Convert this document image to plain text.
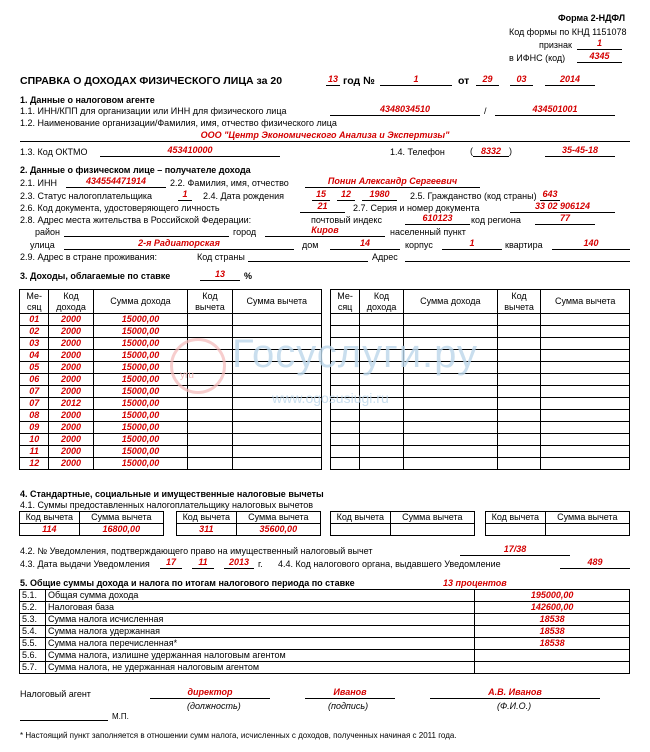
Форма 2-НДФЛ
Код формы по КНД 1151078
признак	1
в ИФНС (код)	4345
СПРАВКА О ДОХОДАХ ФИЗИЧЕСКОГО ЛИЦА за 20	13 год №	1	от	29	03	2014
1. Данные о налоговом агенте
1.1. ИНН/КПП для организации или ИНН для физического лица	4348034510	/	434501001
1.2. Наименование организации/Фамилия, имя, отчество физического лица
ООО "Центр Экономического Анализа и Экспертизы"
1.3. Код ОКТМО	453410000	1.4. Телефон	( 8332 )	35-45-18
2. Данные о физическом лице – получателе дохода
2.1. ИНН	434554471914	2.2. Фамилия, имя, отчество	Понин Александр Сергеевич
2.3. Статус налогоплательщика	1	2.4. Дата рождения	15	12	1980	2.5. Гражданство (код страны) 643
2.6. Код документа, удостоверяющего личность	21	2.7. Серия и номер документа	33 02 906124
2.8. Адрес места жительства в Российской Федерации:	почтовый индекс	610123	код региона	77
район	город	Киров	населенный пункт
улица	2-я Радиаторская	дом	14	корпус	1	квартира	140
2.9. Адрес в стране проживания:	Код страны	Адрес
3. Доходы, облагаемые по ставке	13	%
Ме-сяц	Код дохода	Сумма дохода	Код вычета	Сумма вычета
01	2000	15000,00		
02	2000	15000,00		
03	2000	15000,00		
04	2000	15000,00		
05	2000	15000,00		
06	2000	15000,00		
07	2000	15000,00		
07	2012	15000,00		
08	2000	15000,00		
09	2000	15000,00		
10	2000	15000,00		
11	2000	15000,00		
12	2000	15000,00		
Ме-сяц	Код дохода	Сумма дохода	Код вычета	Сумма вычета

Госуслуги.ру
www.ogosusiugi.ru
yru
4. Стандартные, социальные и имущественные налоговые вычеты
4.1. Суммы предоставленных налогоплательщику налоговых вычетов
Код вычета	Сумма вычета
114	16800,00
Код вычета	Сумма вычета
311	35600,00
Код вычета	Сумма вычета
		Код вычета	Сумма вычета

4.2. № Уведомления, подтверждающего право на имущественный налоговый вычет	17/38
4.3. Дата выдачи Уведомления	17	11	2013 г. 4.4. Код налогового органа, выдавшего Уведомление	489
5. Общие суммы дохода и налога по итогам налогового периода по ставке	13 процентов
5.1.	Общая сумма дохода	195000,00
5.2.	Налоговая база	142600,00
5.3.	Сумма налога исчисленная	18538
5.4.	Сумма налога удержанная	18538
5.5.	Сумма налога перечисленная*	18538
5.6.	Сумма налога, излишне удержанная налоговым агентом	
5.7.	Сумма налога, не удержанная налоговым агентом	
Налоговый агент	директор
(должность)
Иванов
(подпись)
А.В. Иванов
(Ф.И.О.)
М.П.
* Настоящий пункт заполняется в отношении сумм налога, исчисленных с доходов, полученных начиная с 2011 года.
